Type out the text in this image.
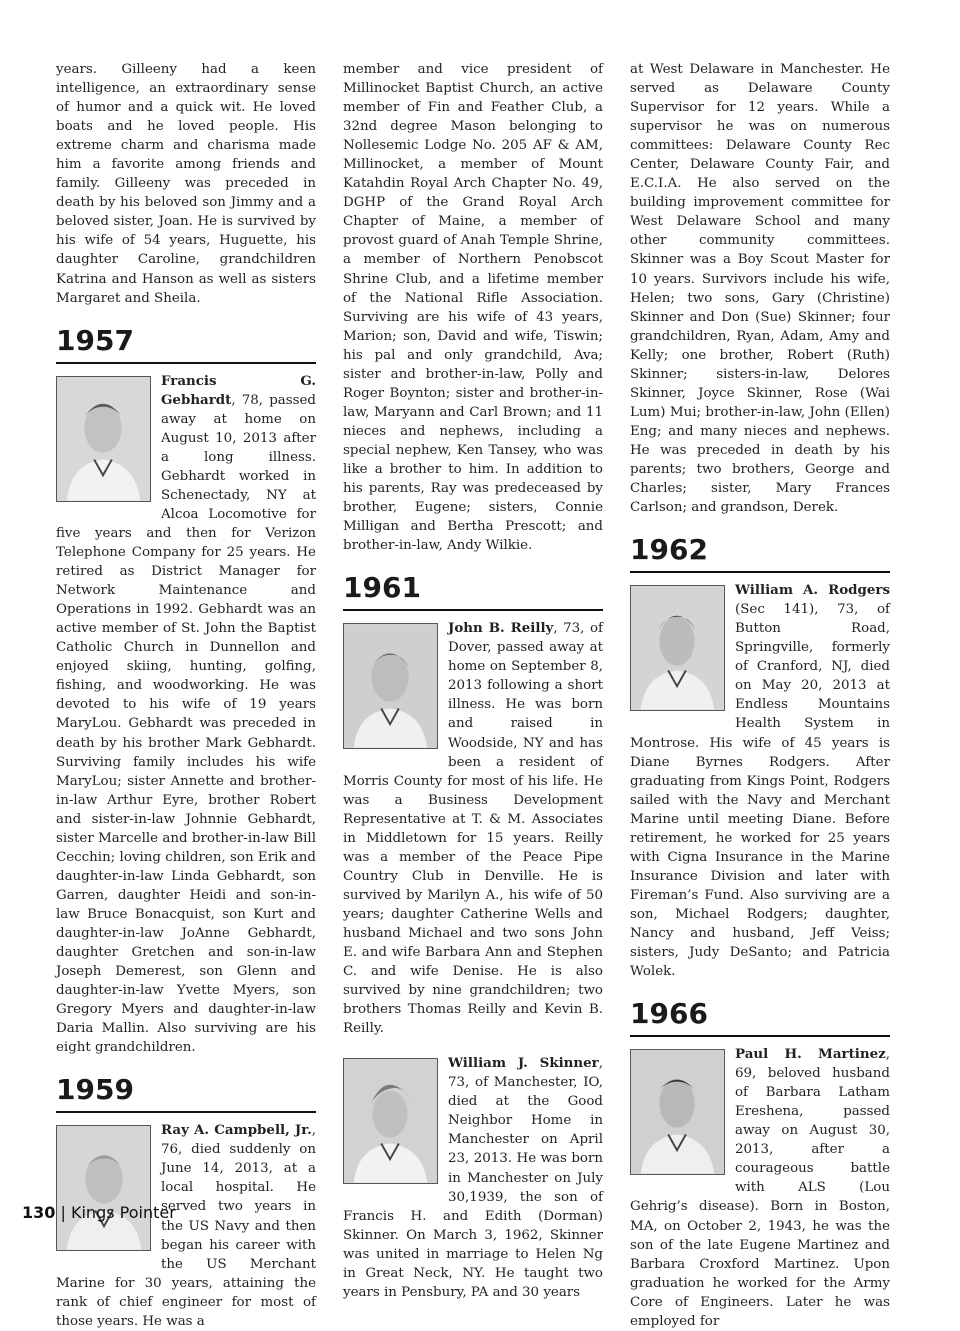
years. Gilleeny had a keen intelligence, an extraordinary sense of humor and a quick wit. He loved boats and he loved people. His extreme charm and charisma made him a favorite among friends and family. Gilleeny was preceded in death by his beloved son Jimmy and a beloved sister, Joan. He is survived by his wife of 54 years, Huguette, his daughter Caroline, grandchildren Katrina and Hanson as well as sisters Margaret and Sheila.

1957

Francis G. Gebhardt, 78, passed away at home on August 10, 2013 after a long illness. Gebhardt worked in Schenectady, NY at Alcoa Locomotive for five years and then for Verizon Telephone Company for 25 years. He retired as District Manager for Network Maintenance and Operations in 1992. Gebhardt was an active member of St. John the Baptist Catholic Church in Dunnellon and enjoyed skiing, hunting, golfing, fishing, and woodworking. He was devoted to his wife of 19 years MaryLou. Gebhardt was preceded in death by his brother Mark Gebhardt. Surviving family includes his wife MaryLou; sister Annette and brother-in-law Arthur Eyre, brother Robert and sister-in-law Johnnie Gebhardt, sister Marcelle and brother-in-law Bill Cecchin; loving children, son Erik and daughter-in-law Linda Gebhardt, son Garren, daughter Heidi and son-in-law Bruce Bonacquist, son Kurt and daughter-in-law JoAnne Gebhardt, daughter Gretchen and son-in-law Joseph Demerest, son Glenn and daughter-in-law Yvette Myers, son Gregory Myers and daughter-in-law Daria Mallin. Also surviving are his eight grandchildren.

1959

Ray A. Campbell, Jr., 76, died suddenly on June 14, 2013, at a local hospital. He served two years in the US Navy and then began his career with the US Merchant Marine for 30 years, attaining the rank of chief engineer for most of those years. He was a

member and vice president of Millinocket Baptist Church, an active member of Fin and Feather Club, a 32nd degree Mason belonging to Nollesemic Lodge No. 205 AF & AM, Millinocket, a member of Mount Katahdin Royal Arch Chapter No. 49, DGHP of the Grand Royal Arch Chapter of Maine, a member of provost guard of Anah Temple Shrine, a member of Northern Penobscot Shrine Club, and a lifetime member of the National Rifle Association. Surviving are his wife of 43 years, Marion; son, David and wife, Tiswin; his pal and only grandchild, Ava; sister and brother-in-law, Polly and Roger Boynton; sister and brother-in-law, Maryann and Carl Brown; and 11 nieces and nephews, including a special nephew, Ken Tansey, who was like a brother to him. In addition to his parents, Ray was predeceased by brother, Eugene; sisters, Connie Milligan and Bertha Prescott; and brother-in-law, Andy Wilkie.

1961

John B. Reilly, 73, of Dover, passed away at home on September 8, 2013 following a short illness. He was born and raised in Woodside, NY and has been a resident of Morris County for most of his life. He was a Business Development Representative at T. & M. Associates in Middletown for 15 years. Reilly was a member of the Peace Pipe Country Club in Denville. He is survived by Marilyn A., his wife of 50 years; daughter Catherine Wells and husband Michael and two sons John E. and wife Barbara Ann and Stephen C. and wife Denise. He is also survived by nine grandchildren; two brothers Thomas Reilly and Kevin B. Reilly.

William J. Skinner, 73, of Manchester, IO, died at the Good Neighbor Home in Manchester on April 23, 2013. He was born in Manchester on July 30,1939, the son of Francis H. and Edith (Dorman) Skinner. On March 3, 1962, Skinner was united in marriage to Helen Ng in Great Neck, NY. He taught two years in Pensbury, PA and 30 years

at West Delaware in Manchester. He served as Delaware County Supervisor for 12 years. While a supervisor he was on numerous committees: Delaware County Rec Center, Delaware County Fair, and E.C.I.A. He also served on the building improvement committee for West Delaware School and many other community committees. Skinner was a Boy Scout Master for 10 years. Survivors include his wife, Helen; two sons, Gary (Christine) Skinner and Don (Sue) Skinner; four grandchildren, Ryan, Adam, Amy and Kelly; one brother, Robert (Ruth) Skinner; sisters-in-law, Delores Skinner, Joyce Skinner, Rose (Wai Lum) Mui; brother-in-law, John (Ellen) Eng; and many nieces and nephews. He was preceded in death by his parents; two brothers, George and Charles; sister, Mary Frances Carlson; and grandson, Derek.

1962

William A. Rodgers (Sec 141), 73, of Button Road, Springville, formerly of Cranford, NJ, died on May 20, 2013 at Endless Mountains Health System in Montrose. His wife of 45 years is Diane Byrnes Rodgers. After graduating from Kings Point, Rodgers sailed with the Navy and Merchant Marine until meeting Diane. Before retirement, he worked for 25 years with Cigna Insurance in the Marine Insurance Division and later with Fireman’s Fund. Also surviving are a son, Michael Rodgers; daughter, Nancy and husband, Jeff Veiss; sisters, Judy DeSanto; and Patricia Wolek.

1966

Paul H. Martinez, 69, beloved husband of Barbara Latham Ereshena, passed away on August 30, 2013, after a courageous battle with ALS (Lou Gehrig’s disease). Born in Boston, MA, on October 2, 1943, he was the son of the late Eugene Martinez and Barbara Croxford Martinez. Upon graduation he worked for the Army Core of Engineers. Later he was employed for

130 | Kings Pointer
